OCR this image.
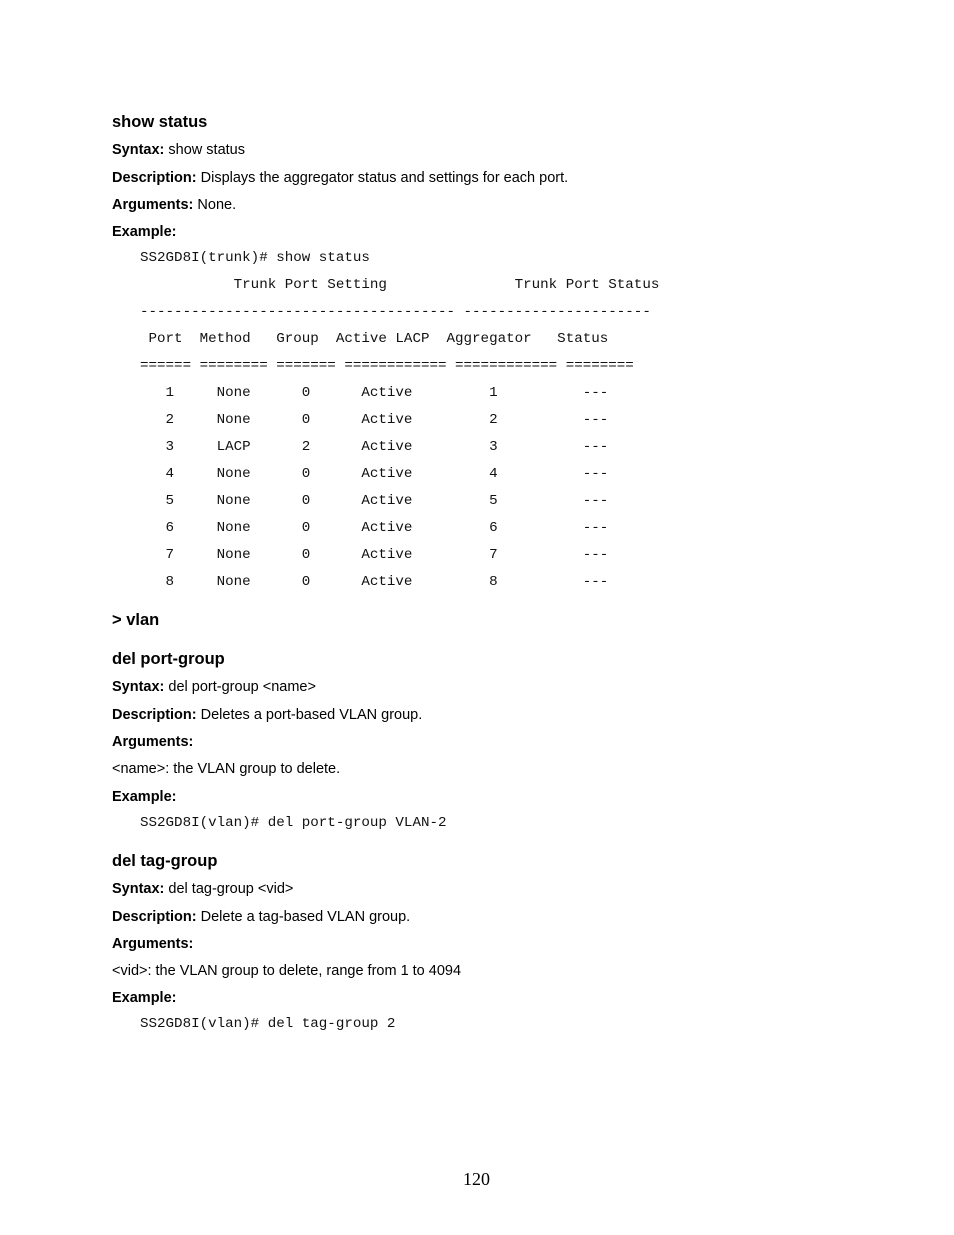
show status
Syntax: show status
Description: Displays the aggregator status and settings for each port.
Arguments: None.
Example:
SS2GD8I(trunk)# show status
Trunk Port Setting               Trunk Port Status
------------------------------------- ----------------------
Port  Method   Group  Active LACP  Aggregator   Status
====== ======== ======= ============ ============ ========
1     None      0      Active         1          ---
2     None      0      Active         2          ---
3     LACP      2      Active         3          ---
4     None      0      Active         4          ---
5     None      0      Active         5          ---
6     None      0      Active         6          ---
7     None      0      Active         7          ---
8     None      0      Active         8          ---
> vlan
del port-group
Syntax: del port-group <name>
Description: Deletes a port-based VLAN group.
Arguments:
<name>: the VLAN group to delete.
Example:
SS2GD8I(vlan)# del port-group VLAN-2
del tag-group
Syntax: del tag-group <vid>
Description: Delete a tag-based VLAN group.
Arguments:
<vid>: the VLAN group to delete, range from 1 to 4094
Example:
SS2GD8I(vlan)# del tag-group 2
120
